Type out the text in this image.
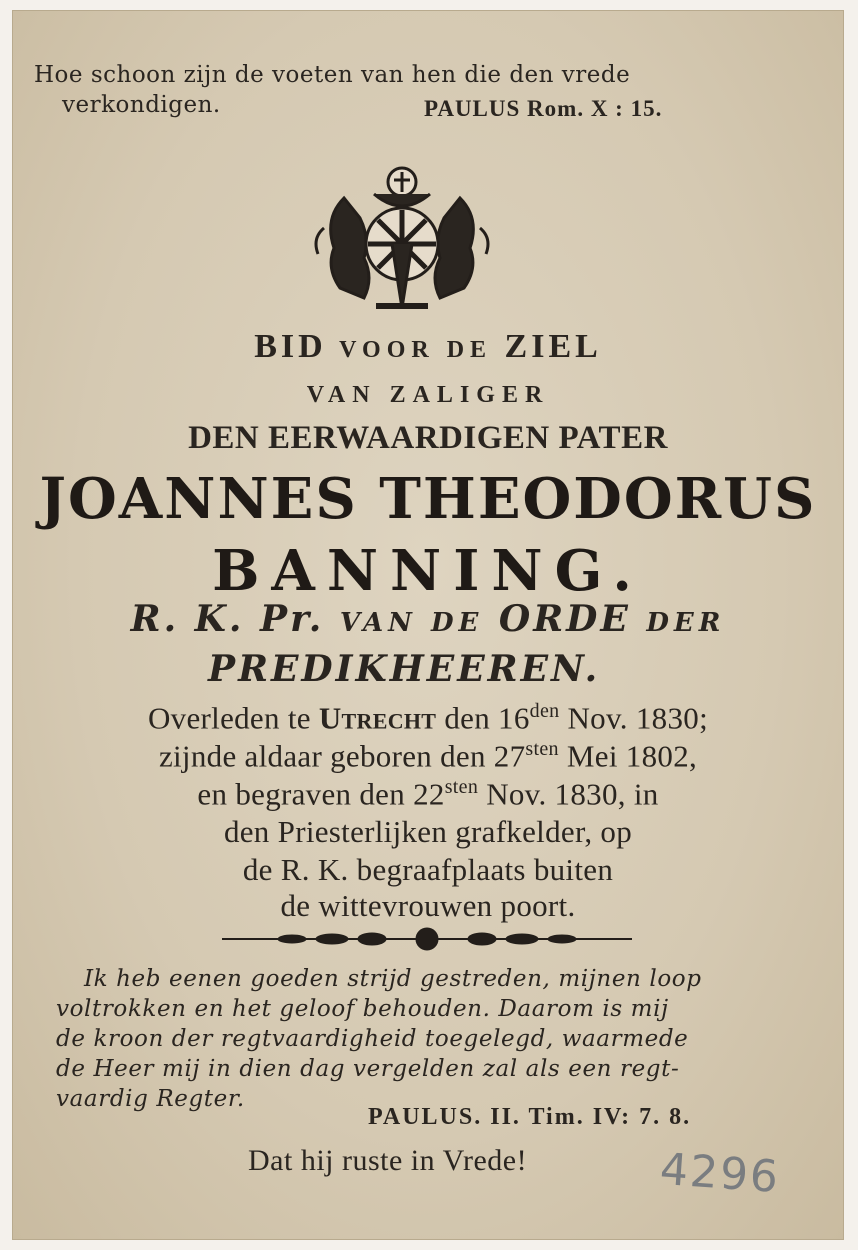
Hoe schoon zijn de voeten van hen die den vrede
verkondigen.	PAULUS Rom. X : 15.
BID VOOR DE ZIEL
VAN ZALIGER
DEN EERWAARDIGEN PATER
JOANNES THEODORUS
BANNING.
R. K. Pr. VAN DE ORDE DER
PREDIKHEEREN.
Overleden te Utrecht den $16^{den}$ Nov. 1830;
zijnde aldaar geboren den $27^{sten}$ Mei 1802,
en begraven den $22^{sten}$ Nov. 1830, in
den Priesterlijken grafkelder, op
de R. K. begraafplaats buiten
de wittevrouwen poort.
Ik heb eenen goeden strijd gestreden, mijnen loop
voltrokken en het geloof behouden. Daarom is mij
de kroon der regtvaardigheid toegelegd, waarmede
de Heer mij in dien dag vergelden zal als een regt-
vaardig Regter.
PAULUS. II. Tim. IV: 7. 8.
Dat hij ruste in Vrede!	4296
